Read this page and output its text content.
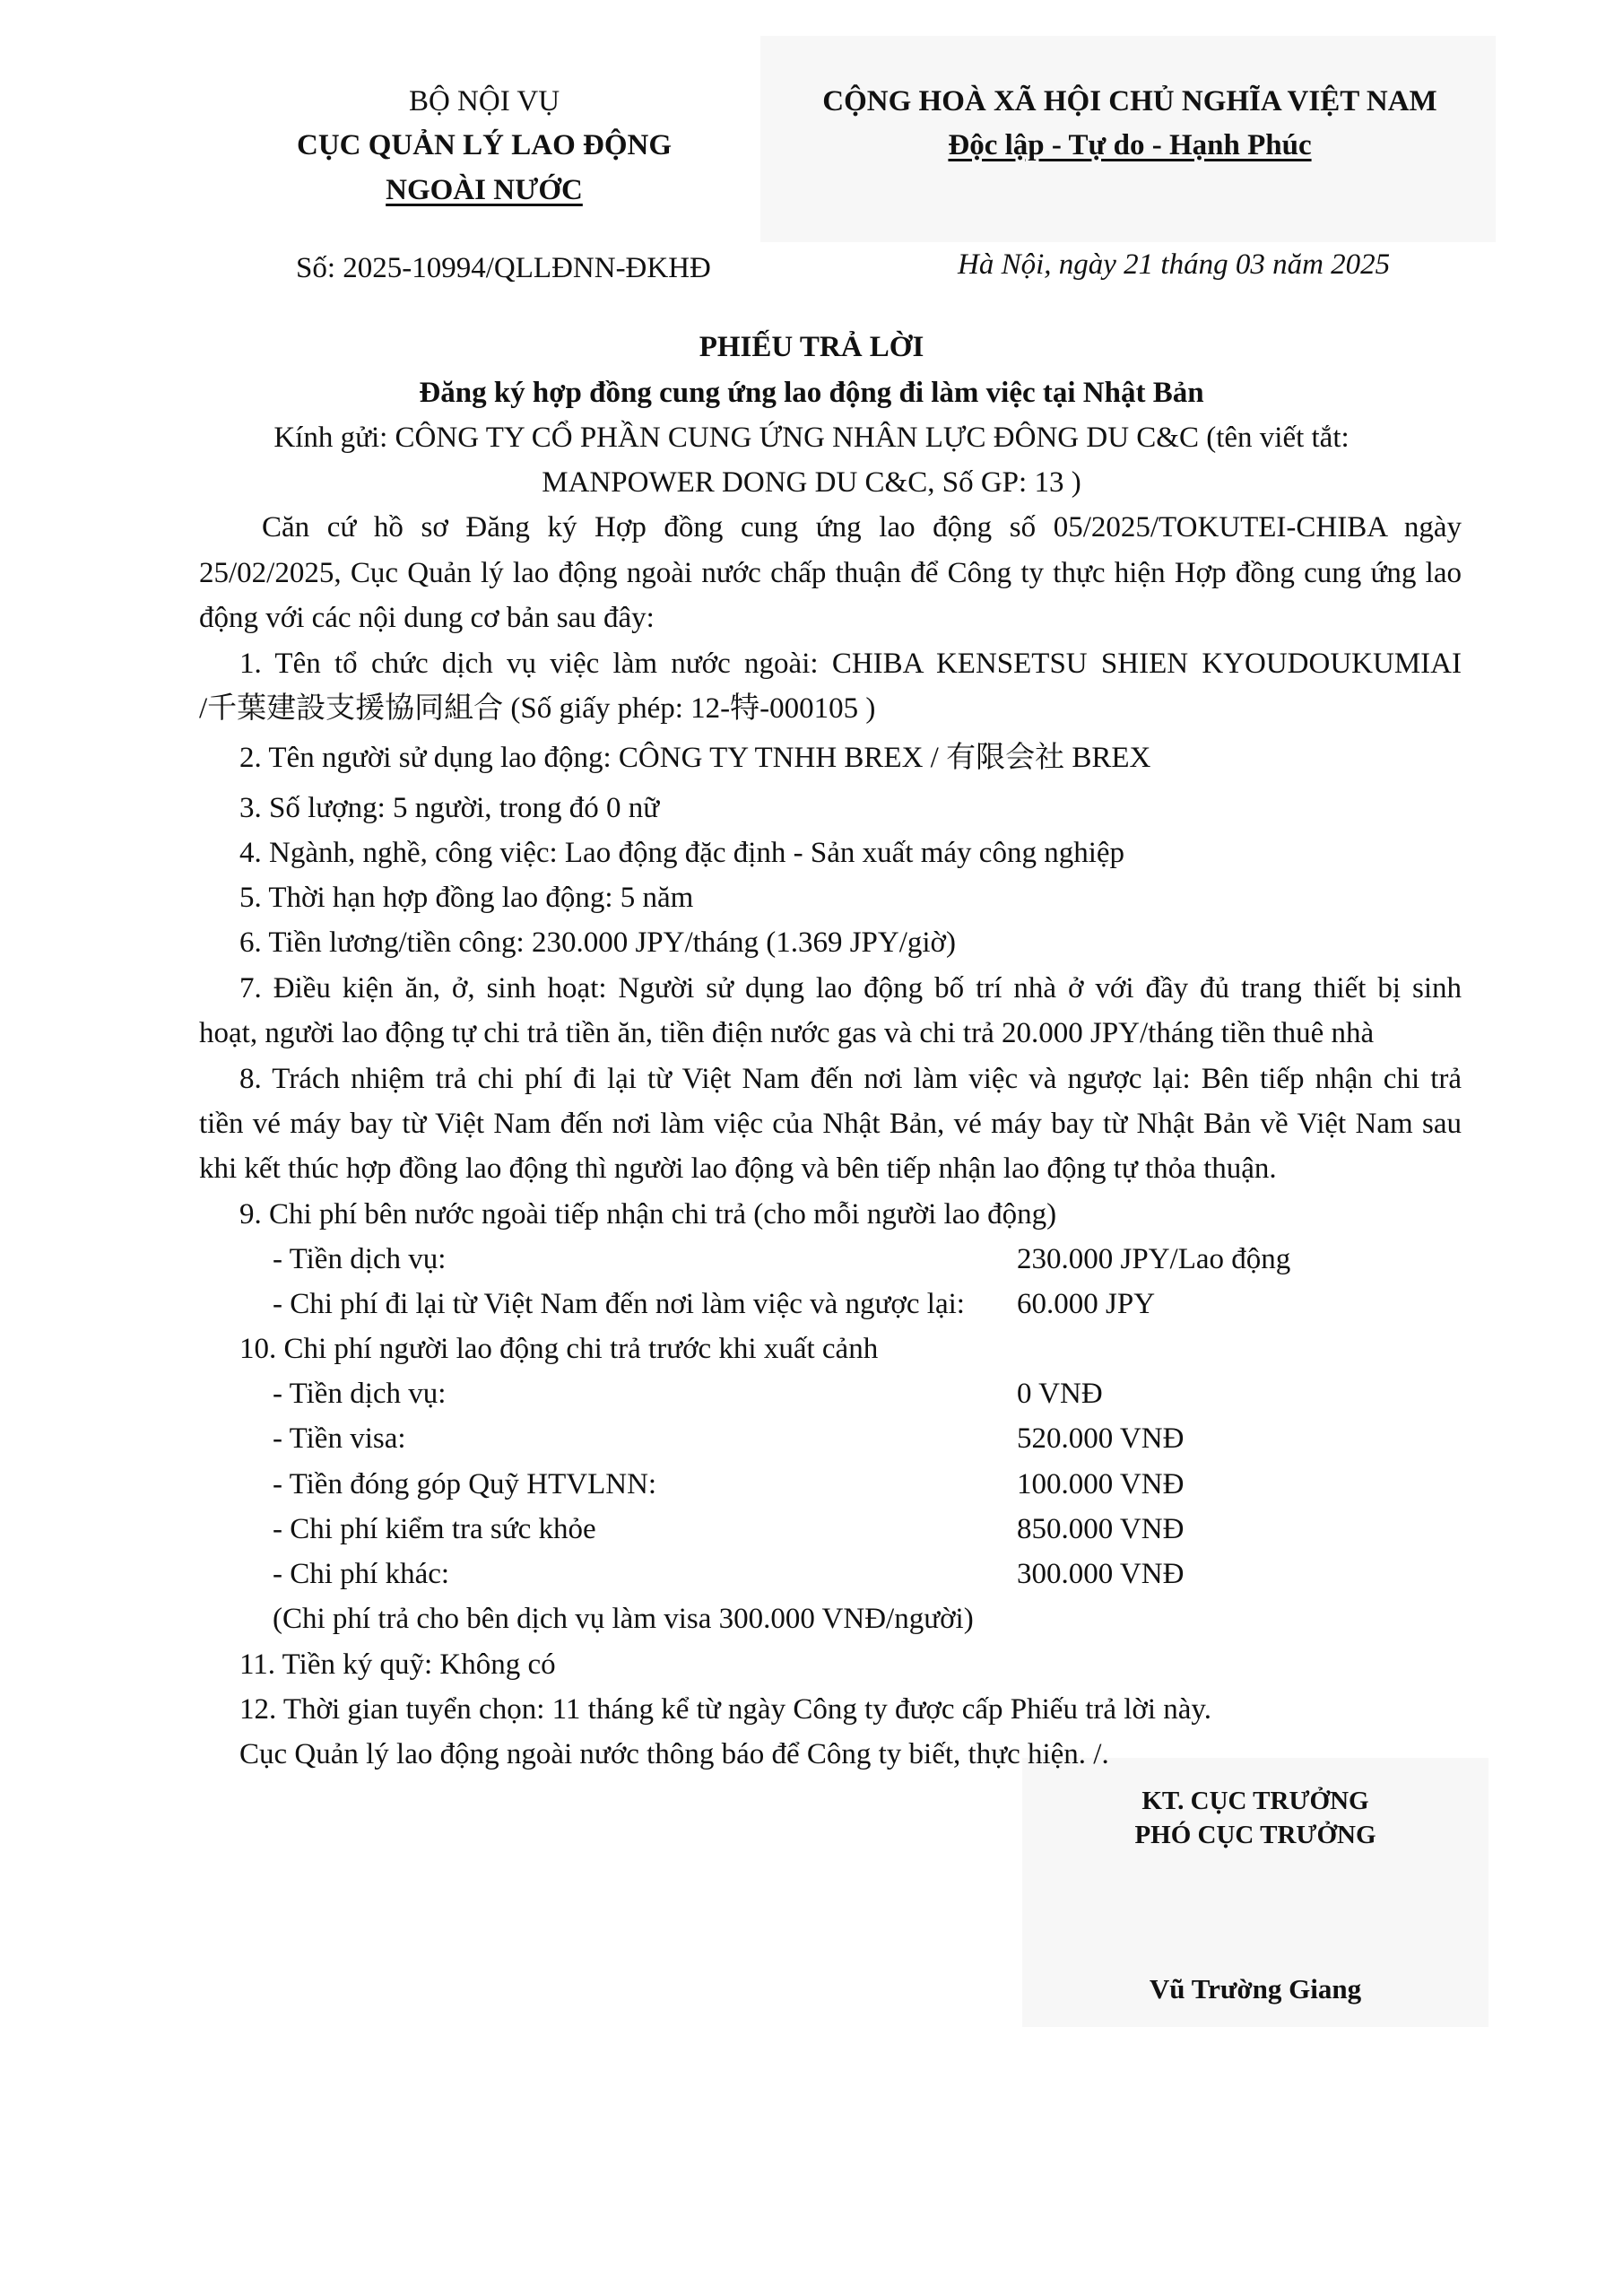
BỘ NỘI VỤ
CỤC QUẢN LÝ LAO ĐỘNG
NGOÀI NƯỚC
Số: 2025-10994/QLLĐNN-ĐKHĐ
CỘNG HOÀ XÃ HỘI CHỦ NGHĨA VIỆT NAM
Độc lập - Tự do - Hạnh Phúc
Hà Nội, ngày 21 tháng 03 năm 2025
PHIẾU TRẢ LỜI
Đăng ký hợp đồng cung ứng lao động đi làm việc tại Nhật Bản
Kính gửi: CÔNG TY CỔ PHẦN CUNG ỨNG NHÂN LỰC ĐÔNG DU C&C (tên viết tắt:
MANPOWER DONG DU C&C, Số GP: 13 )
Căn cứ hồ sơ Đăng ký Hợp đồng cung ứng lao động số 05/2025/TOKUTEI-CHIBA ngày
25/02/2025, Cục Quản lý lao động ngoài nước chấp thuận để Công ty thực hiện Hợp đồng cung ứng lao
động với các nội dung cơ bản sau đây:
1. Tên tổ chức dịch vụ việc làm nước ngoài: CHIBA KENSETSU SHIEN KYOUDOUKUMIAI
/千葉建設支援協同組合 (Số giấy phép: 12-特-000105 )
2. Tên người sử dụng lao động: CÔNG TY TNHH BREX / 有限会社 BREX
3. Số lượng: 5 người, trong đó 0 nữ
4. Ngành, nghề, công việc: Lao động đặc định - Sản xuất máy công nghiệp
5. Thời hạn hợp đồng lao động: 5 năm
6. Tiền lương/tiền công: 230.000 JPY/tháng (1.369 JPY/giờ)
7. Điều kiện ăn, ở, sinh hoạt: Người sử dụng lao động bố trí nhà ở với đầy đủ trang thiết bị sinh
hoạt, người lao động tự chi trả tiền ăn, tiền điện nước gas và chi trả 20.000 JPY/tháng tiền thuê nhà
8. Trách nhiệm trả chi phí đi lại từ Việt Nam đến nơi làm việc và ngược lại: Bên tiếp nhận chi trả
tiền vé máy bay từ Việt Nam đến nơi làm việc của Nhật Bản, vé máy bay từ Nhật Bản về Việt Nam sau
khi kết thúc hợp đồng lao động thì người lao động và bên tiếp nhận lao động tự thỏa thuận.
9. Chi phí bên nước ngoài tiếp nhận chi trả (cho mỗi người lao động)
- Tiền dịch vụ:	230.000 JPY/Lao động
- Chi phí đi lại từ Việt Nam đến nơi làm việc và ngược lại: 60.000 JPY
10. Chi phí người lao động chi trả trước khi xuất cảnh
- Tiền dịch vụ:	0 VNĐ
- Tiền visa:	520.000 VNĐ
- Tiền đóng góp Quỹ HTVLNN:	100.000 VNĐ
- Chi phí kiểm tra sức khỏe	850.000 VNĐ
- Chi phí khác:	300.000 VNĐ
(Chi phí trả cho bên dịch vụ làm visa 300.000 VNĐ/người)
11. Tiền ký quỹ: Không có
12. Thời gian tuyển chọn: 11 tháng kể từ ngày Công ty được cấp Phiếu trả lời này.
Cục Quản lý lao động ngoài nước thông báo để Công ty biết, thực hiện. /.
KT. CỤC TRƯỞNG
PHÓ CỤC TRƯỞNG
Vũ Trường Giang
